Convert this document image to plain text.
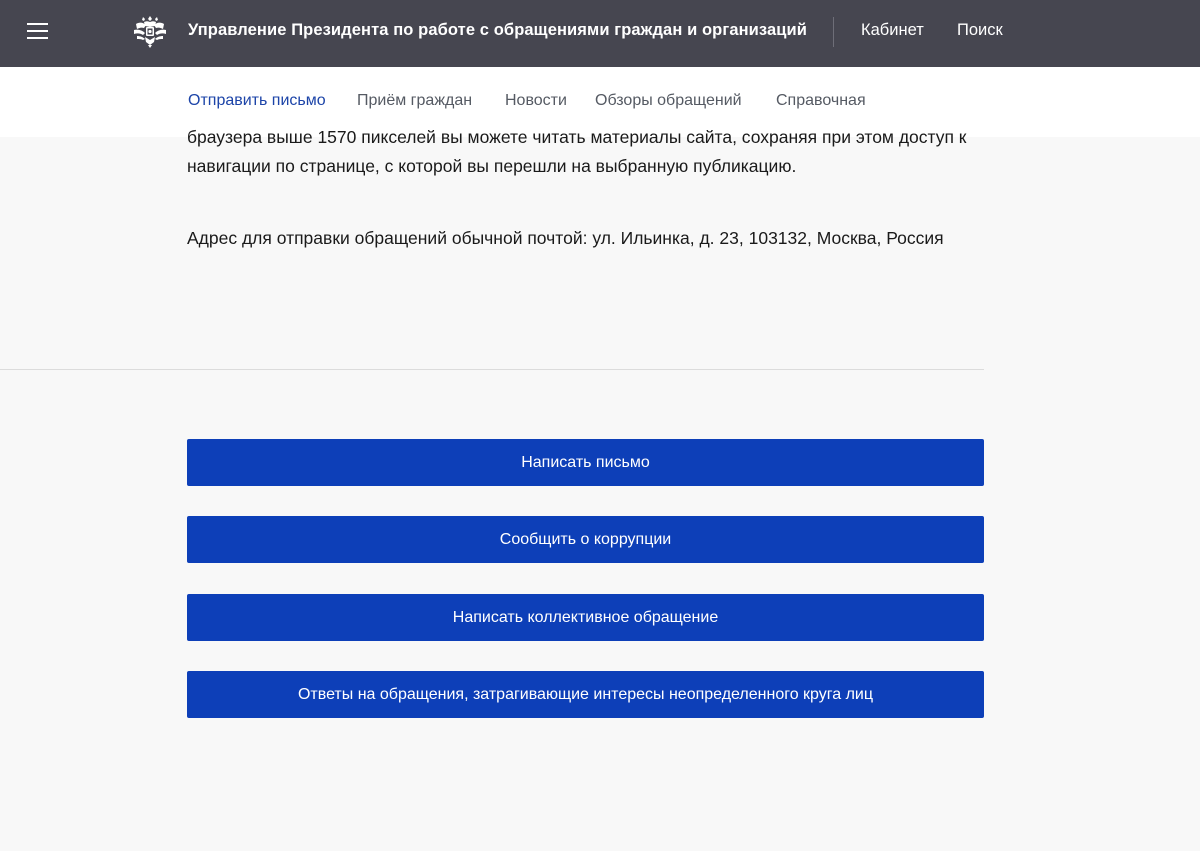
Управление Президента по работе с обращениями граждан и организаций	Кабинет Поиск
Отправить письмо Приём граждан Новости Обзоры обращений Справочная

браузера выше 1570 пикселей вы можете читать материалы сайта, сохраняя при этом доступ к навигации по странице, с которой вы перешли на выбранную публикацию.

Адрес для отправки обращений обычной почтой: ул. Ильинка, д. 23, 103132, Москва, Россия

Написать письмо
Сообщить о коррупции
Написать коллективное обращение
Ответы на обращения, затрагивающие интересы неопределенного круга лиц
